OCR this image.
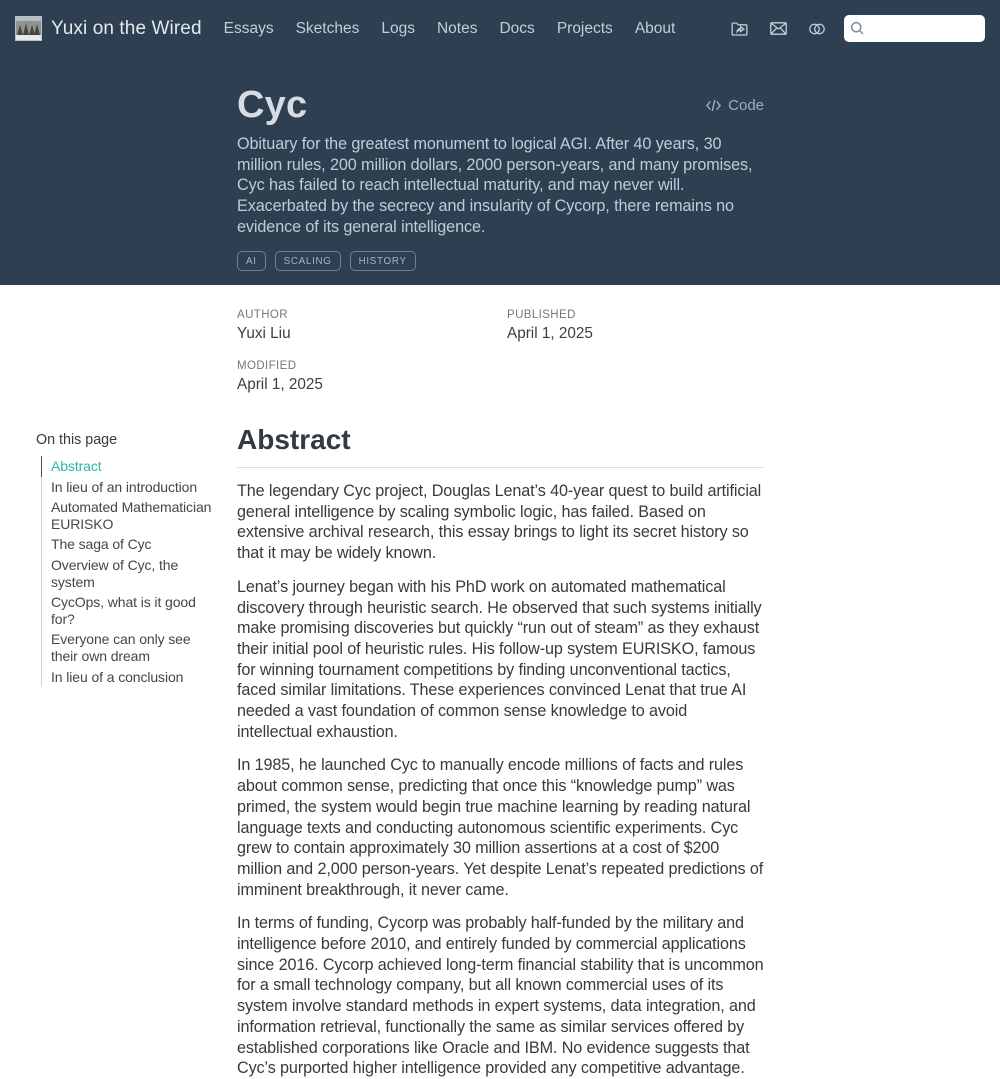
Yuxi on the Wired	Essays	Sketches	Logs	Notes	Docs	Projects	About
Cyc	Code
Obituary for the greatest monument to logical AGI. After 40 years, 30 million rules, 200 million dollars, 2000 person-years, and many promises, Cyc has failed to reach intellectual maturity, and may never will. Exacerbated by the secrecy and insularity of Cycorp, there remains no evidence of its general intelligence.
AI	SCALING	HISTORY
AUTHOR
Yuxi Liu
PUBLISHED
April 1, 2025
MODIFIED
April 1, 2025
On this page
Abstract
In lieu of an introduction
Automated Mathematician EURISKO
The saga of Cyc
Overview of Cyc, the system
CycOps, what is it good for?
Everyone can only see their own dream
In lieu of a conclusion
Abstract

The legendary Cyc project, Douglas Lenat’s 40-year quest to build artificial general intelligence by scaling symbolic logic, has failed. Based on extensive archival research, this essay brings to light its secret history so that it may be widely known.

Lenat’s journey began with his PhD work on automated mathematical discovery through heuristic search. He observed that such systems initially make promising discoveries but quickly “run out of steam” as they exhaust their initial pool of heuristic rules. His follow-up system EURISKO, famous for winning tournament competitions by finding unconventional tactics, faced similar limitations. These experiences convinced Lenat that true AI needed a vast foundation of common sense knowledge to avoid intellectual exhaustion.

In 1985, he launched Cyc to manually encode millions of facts and rules about common sense, predicting that once this “knowledge pump” was primed, the system would begin true machine learning by reading natural language texts and conducting autonomous scientific experiments. Cyc grew to contain approximately 30 million assertions at a cost of $200 million and 2,000 person-years. Yet despite Lenat’s repeated predictions of imminent breakthrough, it never came.

In terms of funding, Cycorp was probably half-funded by the military and intelligence before 2010, and entirely funded by commercial applications since 2016. Cycorp achieved long-term financial stability that is uncommon for a small technology company, but all known commercial uses of its system involve standard methods in expert systems, data integration, and information retrieval, functionally the same as similar services offered by established corporations like Oracle and IBM. No evidence suggests that Cyc’s purported higher intelligence provided any competitive advantage.
